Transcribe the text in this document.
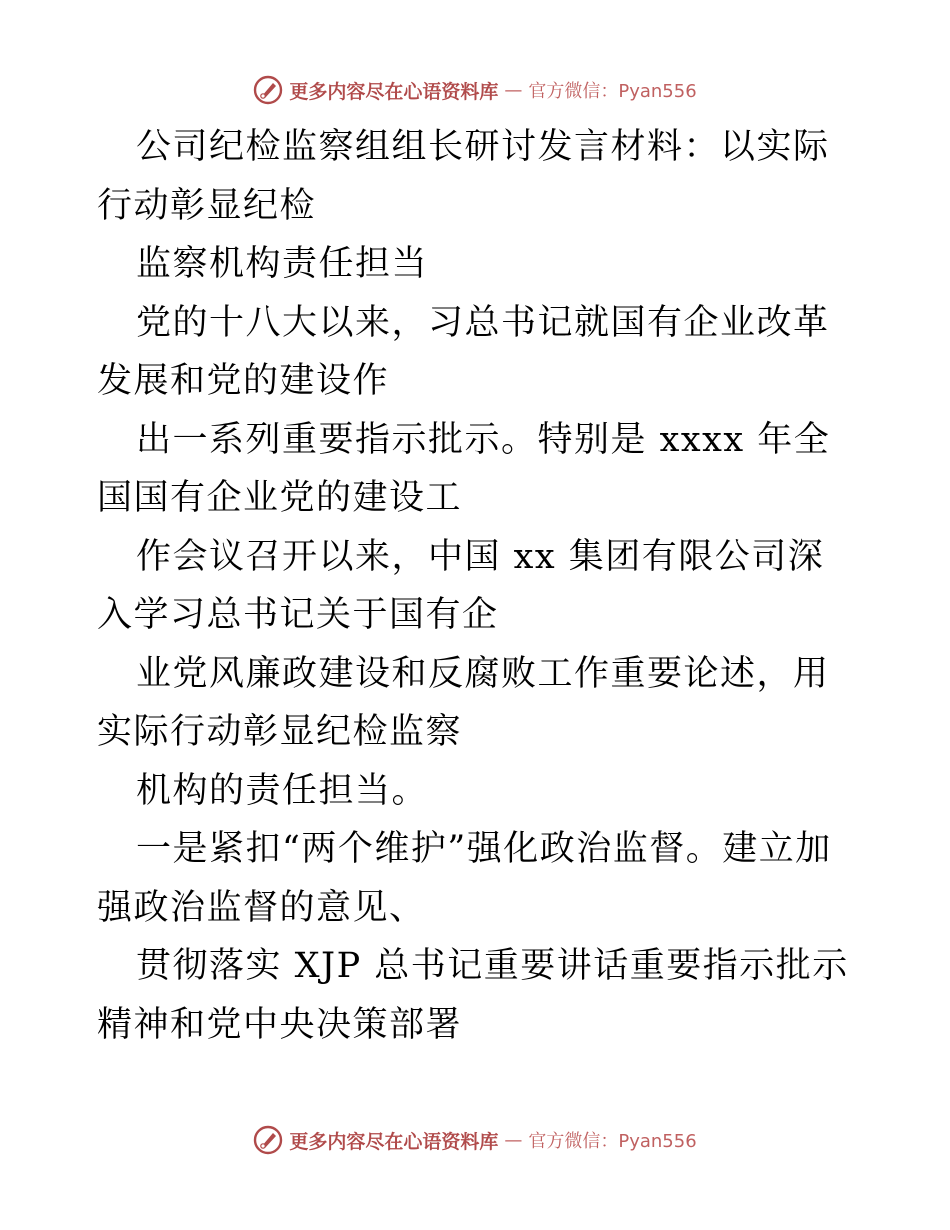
更多内容尽在心语资料库 — 官方微信：Pyan556

公司纪检监察组组长研讨发言材料：以实际行动彰显纪检

监察机构责任担当

党的十八大以来，习总书记就国有企业改革发展和党的建设作

出一系列重要指示批示。特别是 xxxx 年全国国有企业党的建设工

作会议召开以来，中国 xx 集团有限公司深入学习总书记关于国有企

业党风廉政建设和反腐败工作重要论述，用实际行动彰显纪检监察

机构的责任担当。

一是紧扣“两个维护”强化政治监督。建立加强政治监督的意见、

贯彻落实 XJP 总书记重要讲话重要指示批示精神和党中央决策部署

更多内容尽在心语资料库 — 官方微信：Pyan556
